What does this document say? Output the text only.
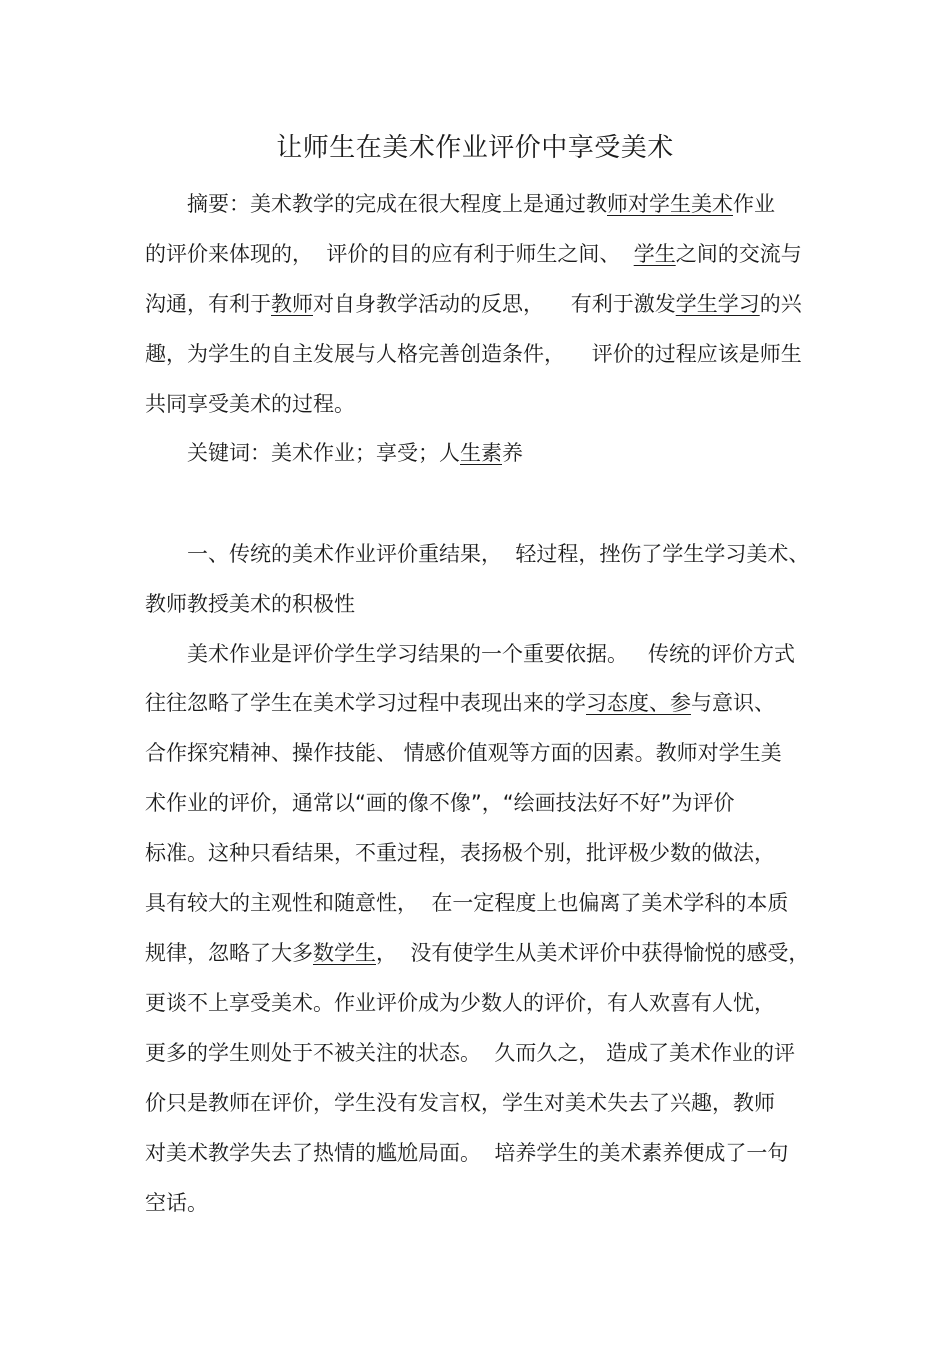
让师生在美术作业评价中享受美术

摘要：美术教学的完成在很大程度上是通过教师对学生美术作业

的评价来体现的，  评价的目的应有利于师生之间、  学生之间的交流与

沟通，有利于教师对自身教学活动的反思，    有利于激发学生学习的兴

趣，为学生的自主发展与人格完善创造条件，    评价的过程应该是师生

共同享受美术的过程。

关键词：美术作业；享受；人生素养

一、传统的美术作业评价重结果，  轻过程，挫伤了学生学习美术、

教师教授美术的积极性

美术作业是评价学生学习结果的一个重要依据。   传统的评价方式

往往忽略了学生在美术学习过程中表现出来的学习态度、参与意识、

合作探究精神、操作技能、 情感价值观等方面的因素。教师对学生美

术作业的评价，通常以“画的像不像”，“绘画技法好不好”为评价

标准。这种只看结果，不重过程，表扬极个别，批评极少数的做法，

具有较大的主观性和随意性，  在一定程度上也偏离了美术学科的本质

规律，忽略了大多数学生，  没有使学生从美术评价中获得愉悦的感受，

更谈不上享受美术。作业评价成为少数人的评价，有人欢喜有人忧，

更多的学生则处于不被关注的状态。  久而久之， 造成了美术作业的评

价只是教师在评价，学生没有发言权，学生对美术失去了兴趣，教师

对美术教学失去了热情的尴尬局面。  培养学生的美术素养便成了一句

空话。
